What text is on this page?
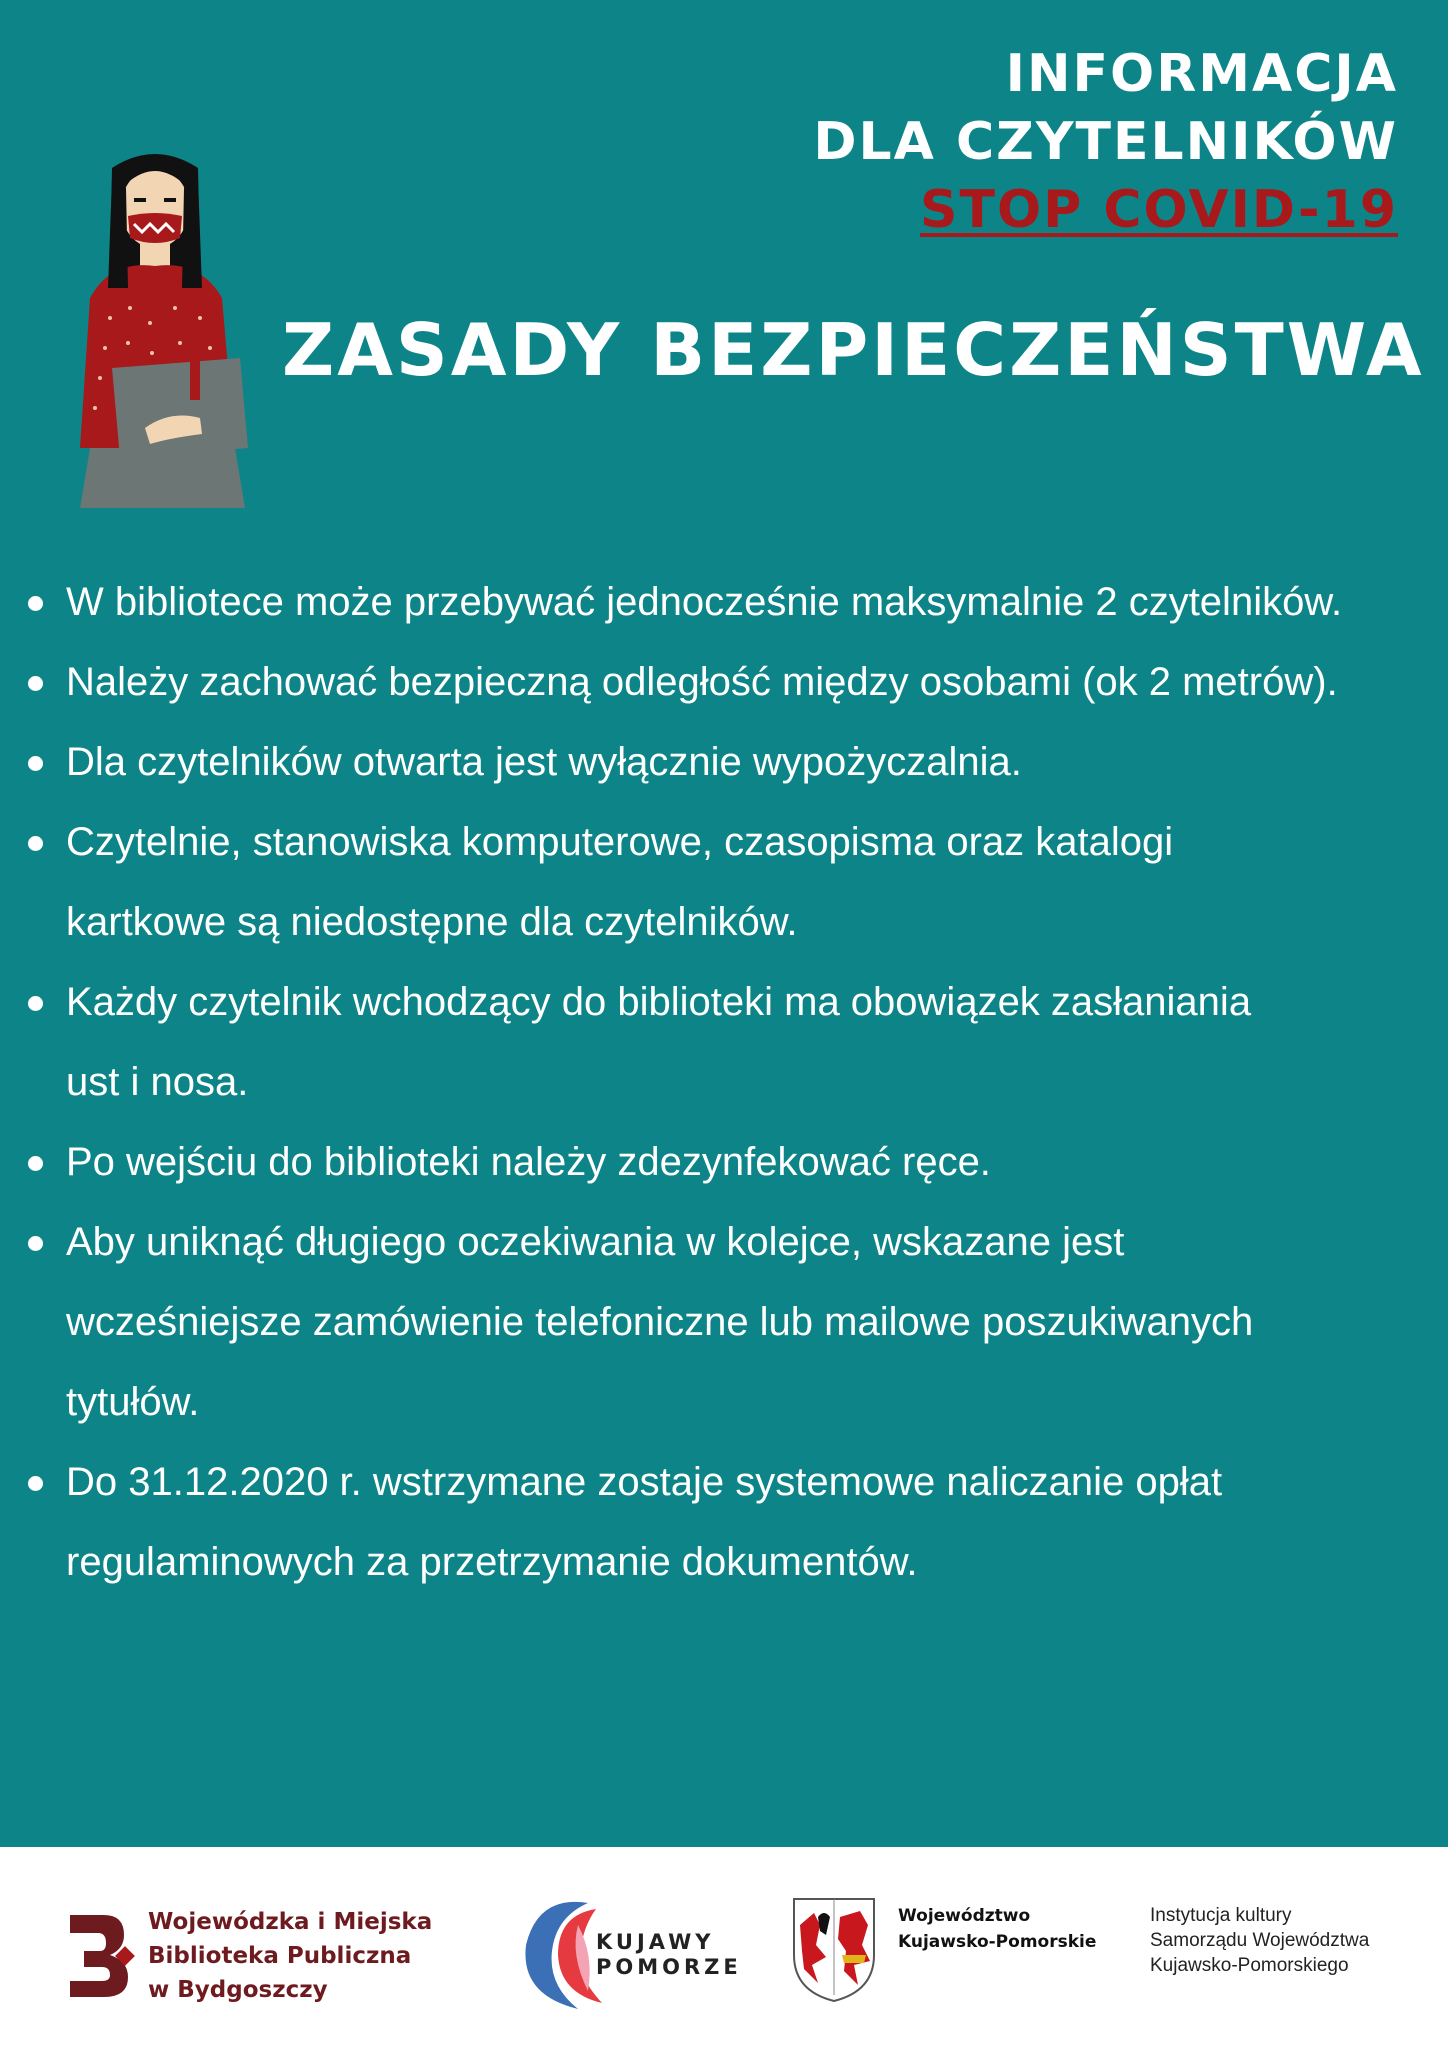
INFORMACJA
DLA CZYTELNIKÓW
STOP COVID-19
ZASADY BEZPIECZEŃSTWA
W bibliotece może przebywać jednocześnie maksymalnie 2 czytelników.
Należy zachować bezpieczną odległość między osobami (ok 2 metrów).
Dla czytelników otwarta jest wyłącznie wypożyczalnia.
Czytelnie, stanowiska komputerowe, czasopisma oraz katalogi
kartkowe są niedostępne dla czytelników.
Każdy czytelnik wchodzący do biblioteki ma obowiązek zasłaniania
ust i nosa.
Po wejściu do biblioteki należy zdezynfekować ręce.
Aby uniknąć długiego oczekiwania w kolejce, wskazane jest
wcześniejsze zamówienie telefoniczne lub mailowe poszukiwanych
tytułów.
Do 31.12.2020 r. wstrzymane zostaje systemowe naliczanie opłat
regulaminowych za przetrzymanie dokumentów.
Wojewódzka i Miejska
Biblioteka Publiczna
w Bydgoszczy
KUJAWY
POMORZE
Województwo
Kujawsko-Pomorskie
Instytucja kultury
Samorządu Województwa
Kujawsko-Pomorskiego
